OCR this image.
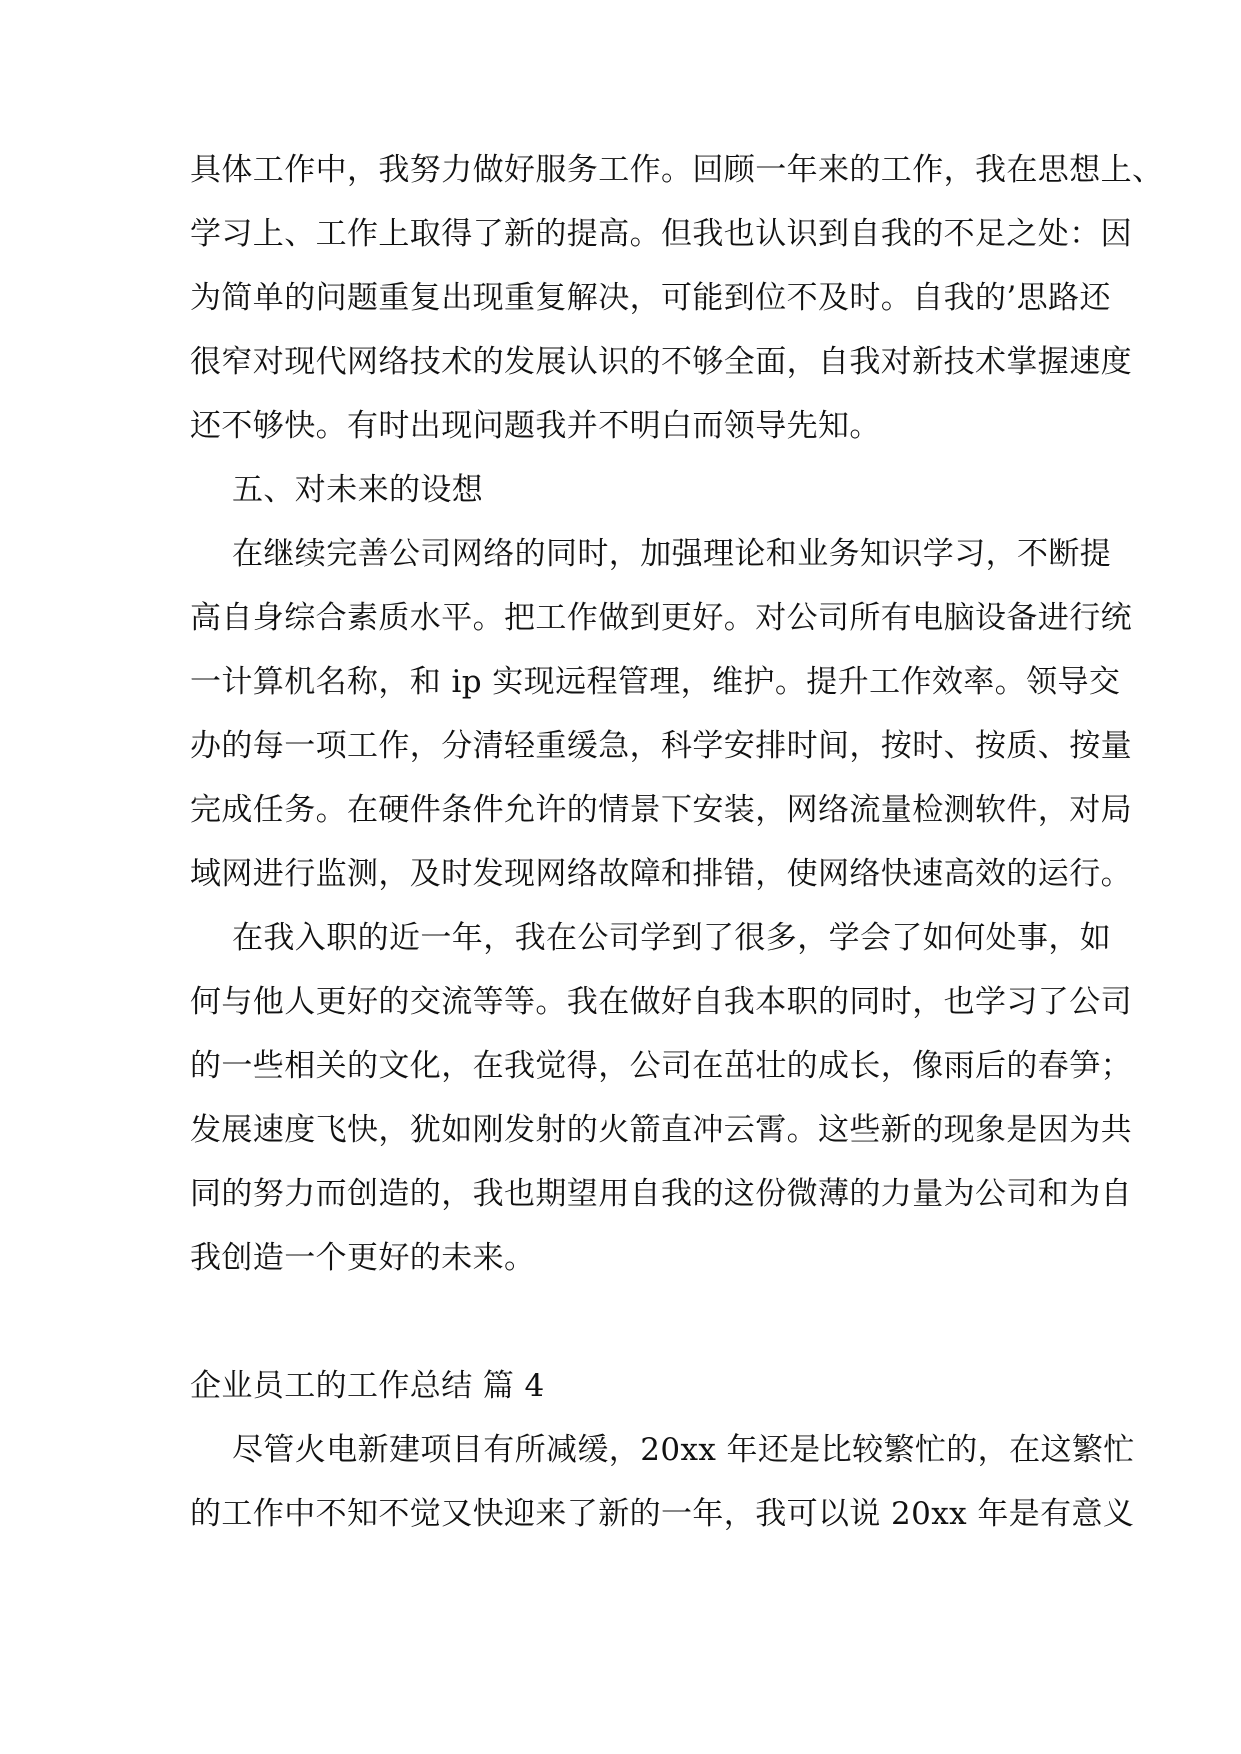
具体工作中，我努力做好服务工作。回顾一年来的工作，我在思想上、
学习上、工作上取得了新的提高。但我也认识到自我的不足之处：因
为简单的问题重复出现重复解决，可能到位不及时。自我的’思路还
很窄对现代网络技术的发展认识的不够全面，自我对新技术掌握速度
还不够快。有时出现问题我并不明白而领导先知。
五、对未来的设想
在继续完善公司网络的同时，加强理论和业务知识学习，不断提
高自身综合素质水平。把工作做到更好。对公司所有电脑设备进行统
一计算机名称，和 ip 实现远程管理，维护。提升工作效率。领导交
办的每一项工作，分清轻重缓急，科学安排时间，按时、按质、按量
完成任务。在硬件条件允许的情景下安装，网络流量检测软件，对局
域网进行监测，及时发现网络故障和排错，使网络快速高效的运行。
在我入职的近一年，我在公司学到了很多，学会了如何处事，如
何与他人更好的交流等等。我在做好自我本职的同时，也学习了公司
的一些相关的文化，在我觉得，公司在茁壮的成长，像雨后的春笋；
发展速度飞快，犹如刚发射的火箭直冲云霄。这些新的现象是因为共
同的努力而创造的，我也期望用自我的这份微薄的力量为公司和为自
我创造一个更好的未来。
企业员工的工作总结 篇 4
尽管火电新建项目有所减缓，20xx 年还是比较繁忙的，在这繁忙
的工作中不知不觉又快迎来了新的一年，我可以说 20xx 年是有意义
